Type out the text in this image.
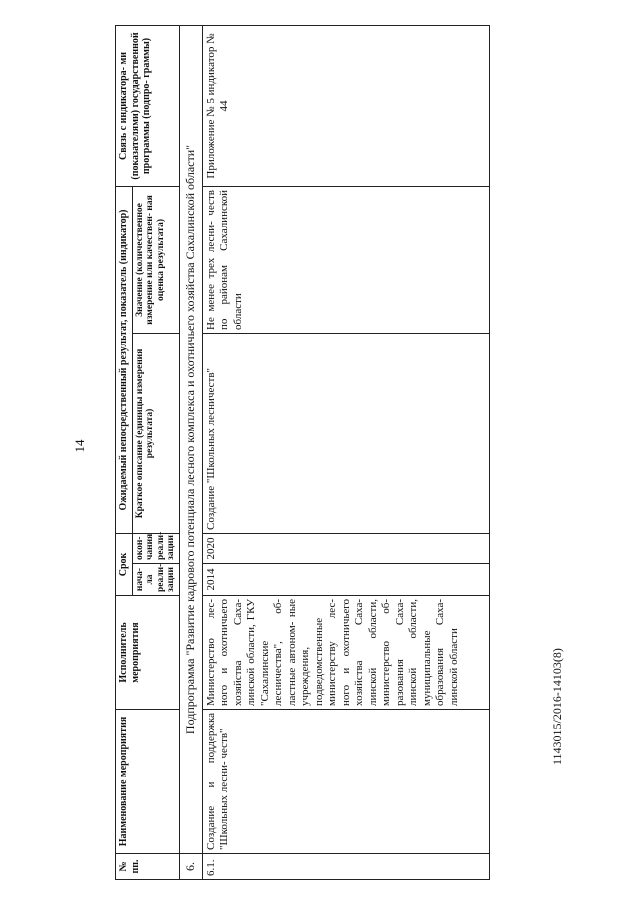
14
№ пп.	Наименование мероприятия	Исполнитель мероприятия	Срок		Ожидаемый непосредственный результат, показатель (индикатор)		Связь с индикатора- ми (показателями) государственной программы (подпро- граммы)
			нача- ла реали- зации	окон- чания реали- зации	Краткое описание (единицы измерения результата)	Значение (количественное измерение или качествен- ная оценка результата)	
6.	Подпрограмма "Развитие кадрового потенциала лесного комплекса и охотничьего хозяйства Сахалинской области"						
6.1.	Создание и поддержка "Школьных лесни- честв"	Министерство лес- ного и охотничьего хозяйства Саха- линской области, ГКУ "Сахалинские лесничества", об- ластные автоном- ные учреждения, подведомственные министерству лес- ного и охотничьего хозяйства Саха- линской области, министерство об- разования Саха- линской области, муниципальные образования Саха- линской области	2014	2020	Создание "Школьных лесничеств"	Не менее трех лесни- честв по районам Сахалинской области	Приложение № 5 индикатор № 44
1143015/2016-14103(8)
